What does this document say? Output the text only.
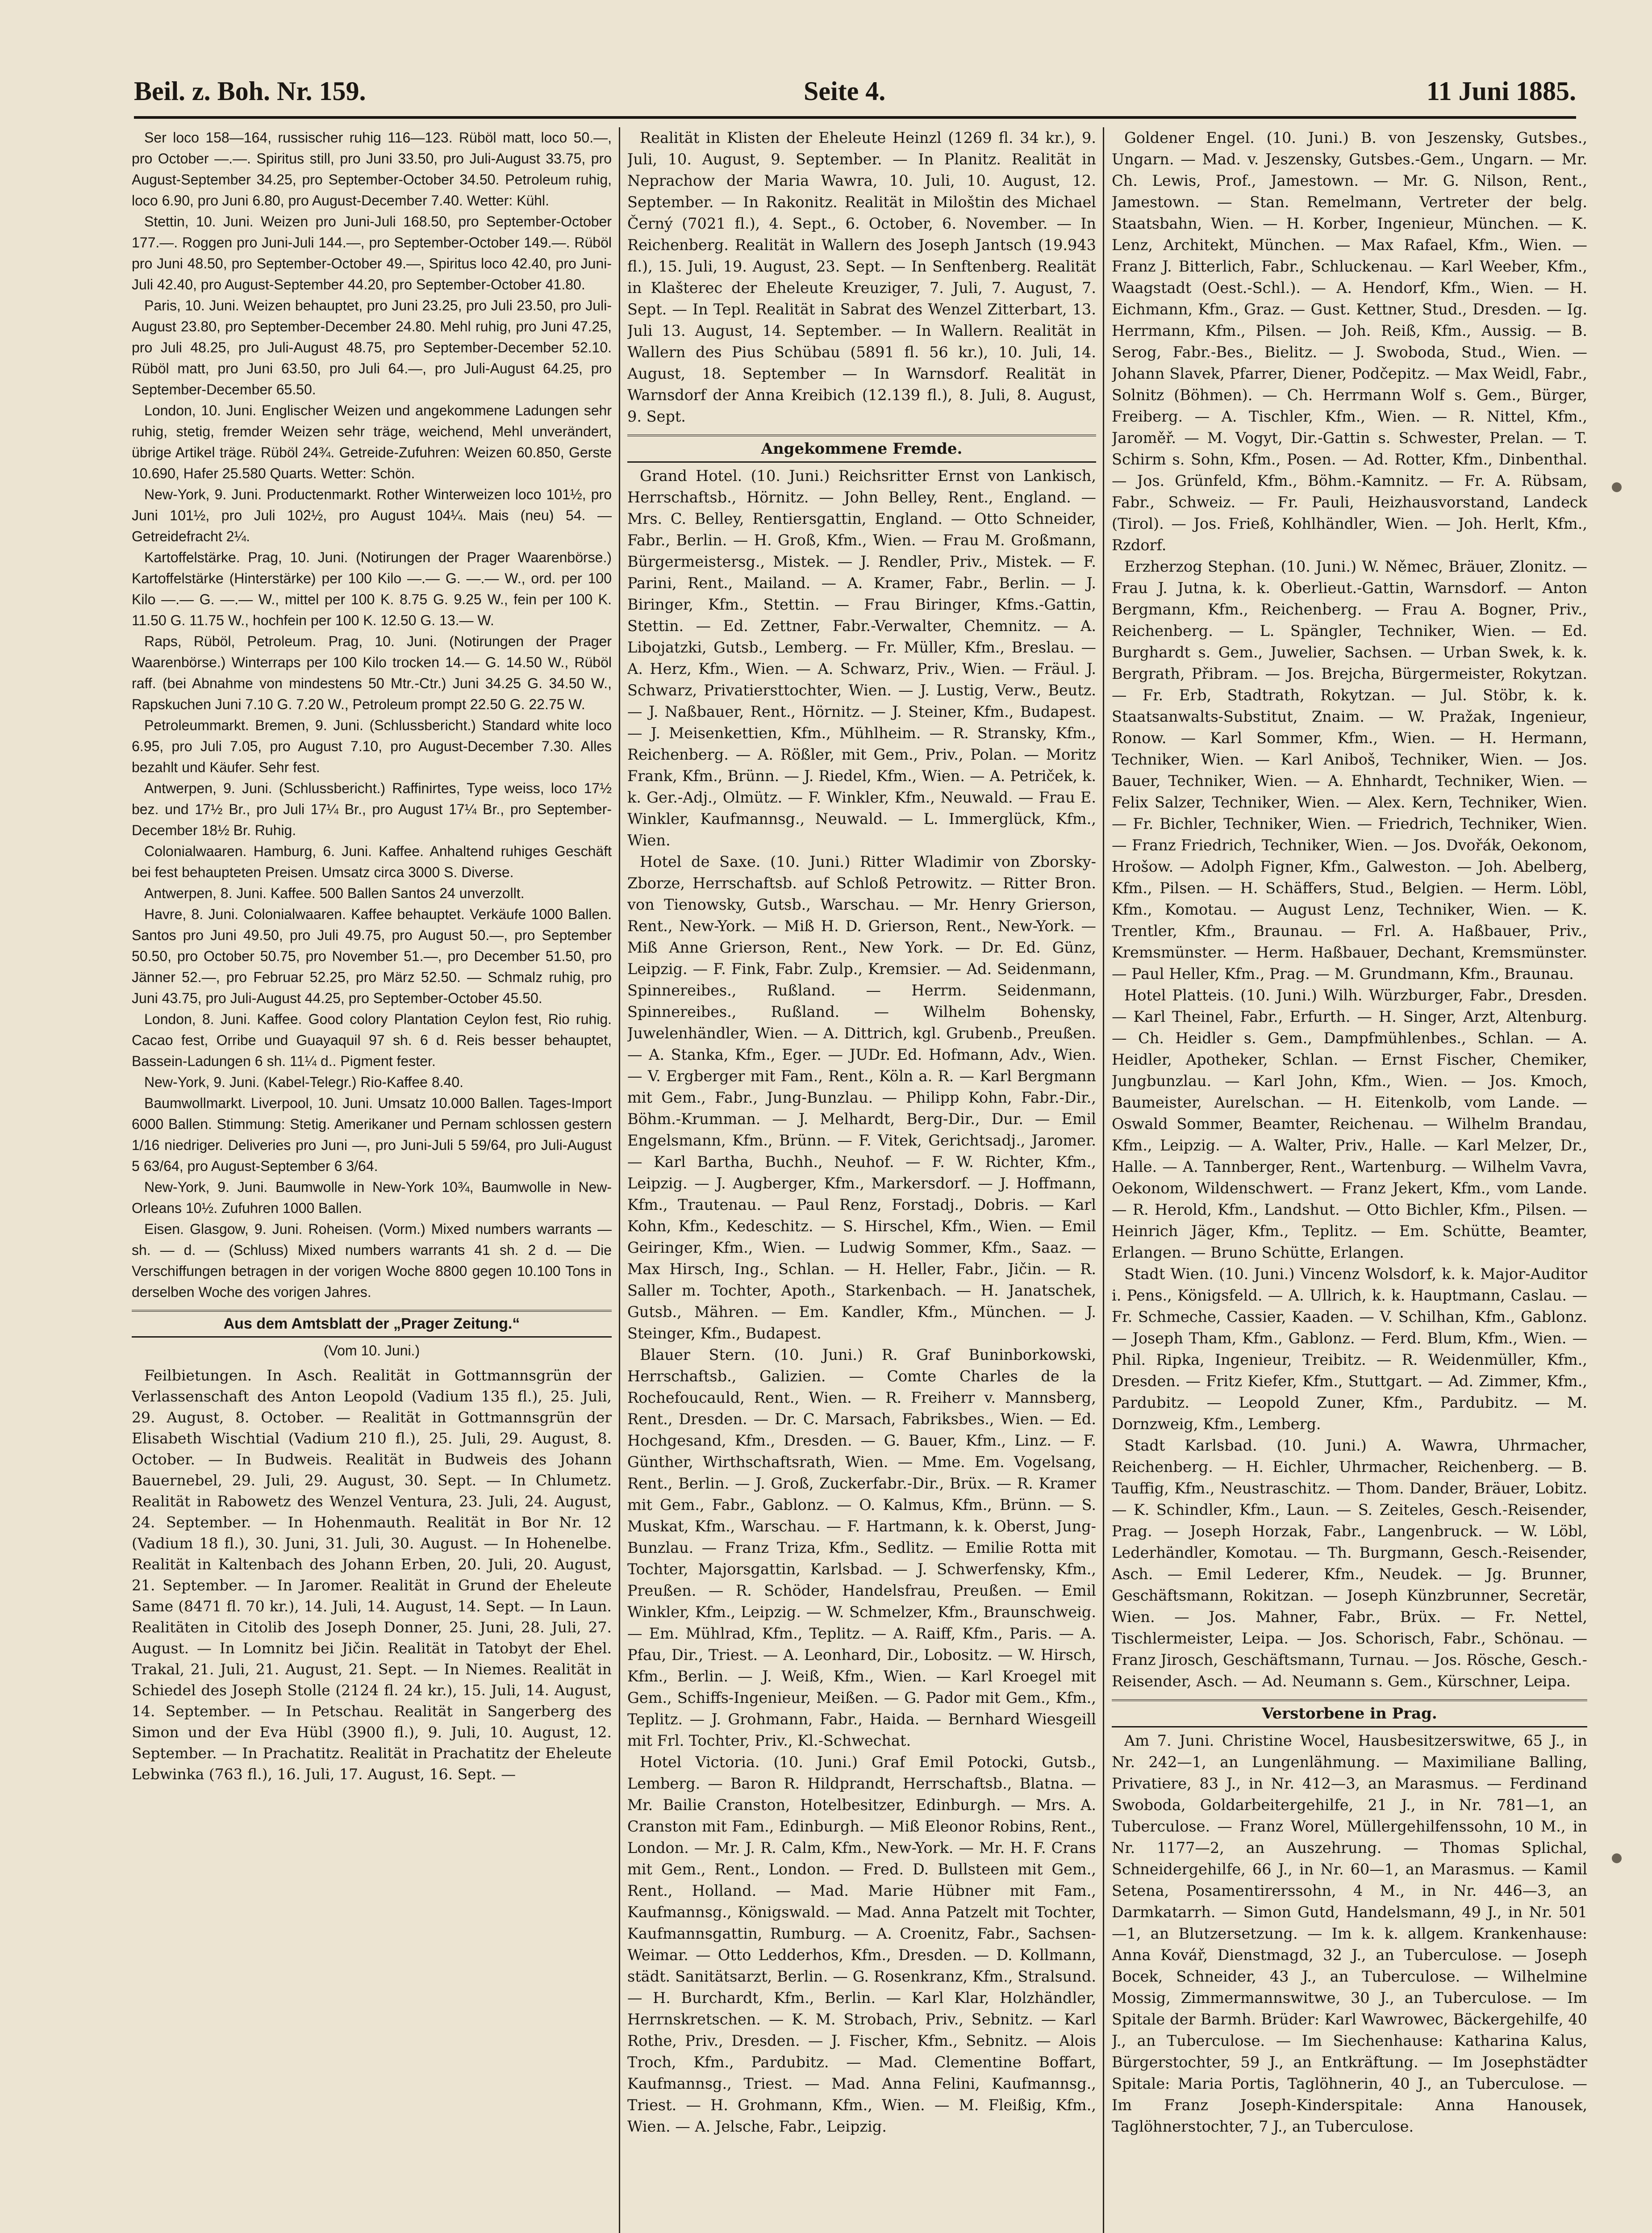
Beil. z. Boh. Nr. 159.	Seite 4.	11 Juni 1885.

Ser loco 158—164, russischer ruhig 116—123. Rüböl matt, loco 50.—, pro October —.—. Spiritus still, pro Juni 33.50, pro Juli-August 33.75, pro August-September 34.25, pro September-October 34.50. Petroleum ruhig, loco 6.90, pro Juni 6.80, pro August-December 7.40. Wetter: Kühl.

Stettin, 10. Juni. Weizen pro Juni-Juli 168.50, pro September-October 177.—. Roggen pro Juni-Juli 144.—, pro September-October 149.—. Rüböl pro Juni 48.50, pro September-October 49.—, Spiritus loco 42.40, pro Juni-Juli 42.40, pro August-September 44.20, pro September-October 41.80.

Paris, 10. Juni. Weizen behauptet, pro Juni 23.25, pro Juli 23.50, pro Juli-August 23.80, pro September-December 24.80. Mehl ruhig, pro Juni 47.25, pro Juli 48.25, pro Juli-August 48.75, pro September-December 52.10. Rüböl matt, pro Juni 63.50, pro Juli 64.—, pro Juli-August 64.25, pro September-December 65.50.

London, 10. Juni. Englischer Weizen und angekommene Ladungen sehr ruhig, stetig, fremder Weizen sehr träge, weichend, Mehl unverändert, übrige Artikel träge. Rüböl 24¾. Getreide-Zufuhren: Weizen 60.850, Gerste 10.690, Hafer 25.580 Quarts. Wetter: Schön.

New-York, 9. Juni. Productenmarkt. Rother Winterweizen loco 101½, pro Juni 101½, pro Juli 102½, pro August 104¼. Mais (neu) 54. — Getreidefracht 2¼.

Kartoffelstärke. Prag, 10. Juni. (Notirungen der Prager Waarenbörse.) Kartoffelstärke (Hinterstärke) per 100 Kilo —.— G. —.— W., ord. per 100 Kilo —.— G. —.— W., mittel per 100 K. 8.75 G. 9.25 W., fein per 100 K. 11.50 G. 11.75 W., hochfein per 100 K. 12.50 G. 13.— W.

Raps, Rüböl, Petroleum. Prag, 10. Juni. (Notirungen der Prager Waarenbörse.) Winterraps per 100 Kilo trocken 14.— G. 14.50 W., Rüböl raff. (bei Abnahme von mindestens 50 Mtr.-Ctr.) Juni 34.25 G. 34.50 W., Rapskuchen Juni 7.10 G. 7.20 W., Petroleum prompt 22.50 G. 22.75 W.

Petroleummarkt. Bremen, 9. Juni. (Schlussbericht.) Standard white loco 6.95, pro Juli 7.05, pro August 7.10, pro August-December 7.30. Alles bezahlt und Käufer. Sehr fest.

Antwerpen, 9. Juni. (Schlussbericht.) Raffinirtes, Type weiss, loco 17½ bez. und 17½ Br., pro Juli 17¼ Br., pro August 17¼ Br., pro September-December 18½ Br. Ruhig.

Colonialwaaren. Hamburg, 6. Juni. Kaffee. Anhaltend ruhiges Geschäft bei fest behaupteten Preisen. Umsatz circa 3000 S. Diverse.

Antwerpen, 8. Juni. Kaffee. 500 Ballen Santos 24 unverzollt.

Havre, 8. Juni. Colonialwaaren. Kaffee behauptet. Verkäufe 1000 Ballen. Santos pro Juni 49.50, pro Juli 49.75, pro August 50.—, pro September 50.50, pro October 50.75, pro November 51.—, pro December 51.50, pro Jänner 52.—, pro Februar 52.25, pro März 52.50. — Schmalz ruhig, pro Juni 43.75, pro Juli-August 44.25, pro September-October 45.50.

London, 8. Juni. Kaffee. Good colory Plantation Ceylon fest, Rio ruhig. Cacao fest, Orribe und Guayaquil 97 sh. 6 d. Reis besser behauptet, Bassein-Ladungen 6 sh. 11¼ d.. Pigment fester.

New-York, 9. Juni. (Kabel-Telegr.) Rio-Kaffee 8.40.

Baumwollmarkt. Liverpool, 10. Juni. Umsatz 10.000 Ballen. Tages-Import 6000 Ballen. Stimmung: Stetig. Amerikaner und Pernam schlossen gestern 1/16 niedriger. Deliveries pro Juni —, pro Juni-Juli 5 59/64, pro Juli-August 5 63/64, pro August-September 6 3/64.

New-York, 9. Juni. Baumwolle in New-York 10¾, Baumwolle in New-Orleans 10½. Zufuhren 1000 Ballen.

Eisen. Glasgow, 9. Juni. Roheisen. (Vorm.) Mixed numbers warrants — sh. — d. — (Schluss) Mixed numbers warrants 41 sh. 2 d. — Die Verschiffungen betragen in der vorigen Woche 8800 gegen 10.100 Tons in derselben Woche des vorigen Jahres.

Aus dem Amtsblatt der „Prager Zeitung.“
(Vom 10. Juni.)

Feilbietungen. In Asch. Realität in Gottmannsgrün der Verlassenschaft des Anton Leopold (Vadium 135 fl.), 25. Juli, 29. August, 8. October. — Realität in Gottmannsgrün der Elisabeth Wischtial (Vadium 210 fl.), 25. Juli, 29. August, 8. October. — In Budweis. Realität in Budweis des Johann Bauernebel, 29. Juli, 29. August, 30. Sept. — In Chlumetz. Realität in Rabowetz des Wenzel Ventura, 23. Juli, 24. August, 24. September. — In Hohenmauth. Realität in Bor Nr. 12 (Vadium 18 fl.), 30. Juni, 31. Juli, 30. August. — In Hohenelbe. Realität in Kaltenbach des Johann Erben, 20. Juli, 20. August, 21. September. — In Jaromer. Realität in Grund der Eheleute Same (8471 fl. 70 kr.), 14. Juli, 14. August, 14. Sept. — In Laun. Realitäten in Citolib des Joseph Donner, 25. Juni, 28. Juli, 27. August. — In Lomnitz bei Jičin. Realität in Tatobyt der Ehel. Trakal, 21. Juli, 21. August, 21. Sept. — In Niemes. Realität in Schiedel des Joseph Stolle (2124 fl. 24 kr.), 15. Juli, 14. August, 14. September. — In Petschau. Realität in Sangerberg des Simon und der Eva Hübl (3900 fl.), 9. Juli, 10. August, 12. September. — In Prachatitz. Realität in Prachatitz der Eheleute Lebwinka (763 fl.), 16. Juli, 17. August, 16. Sept. —

Realität in Klisten der Eheleute Heinzl (1269 fl. 34 kr.), 9. Juli, 10. August, 9. September. — In Planitz. Realität in Neprachow der Maria Wawra, 10. Juli, 10. August, 12. September. — In Rakonitz. Realität in Miloštin des Michael Černý (7021 fl.), 4. Sept., 6. October, 6. November. — In Reichenberg. Realität in Wallern des Joseph Jantsch (19.943 fl.), 15. Juli, 19. August, 23. Sept. — In Senftenberg. Realität in Klašterec der Eheleute Kreuziger, 7. Juli, 7. August, 7. Sept. — In Tepl. Realität in Sabrat des Wenzel Zitterbart, 13. Juli 13. August, 14. September. — In Wallern. Realität in Wallern des Pius Schübau (5891 fl. 56 kr.), 10. Juli, 14. August, 18. September — In Warnsdorf. Realität in Warnsdorf der Anna Kreibich (12.139 fl.), 8. Juli, 8. August, 9. Sept.

Angekommene Fremde.

Grand Hotel. (10. Juni.) Reichsritter Ernst von Lankisch, Herrschaftsb., Hörnitz. — John Belley, Rent., England. — Mrs. C. Belley, Rentiersgattin, England. — Otto Schneider, Fabr., Berlin. — H. Groß, Kfm., Wien. — Frau M. Großmann, Bürgermeistersg., Mistek. — J. Rendler, Priv., Mistek. — F. Parini, Rent., Mailand. — A. Kramer, Fabr., Berlin. — J. Biringer, Kfm., Stettin. — Frau Biringer, Kfms.-Gattin, Stettin. — Ed. Zettner, Fabr.-Verwalter, Chemnitz. — A. Libojatzki, Gutsb., Lemberg. — Fr. Müller, Kfm., Breslau. — A. Herz, Kfm., Wien. — A. Schwarz, Priv., Wien. — Fräul. J. Schwarz, Privatiersttochter, Wien. — J. Lustig, Verw., Beutz. — J. Naßbauer, Rent., Hörnitz. — J. Steiner, Kfm., Budapest. — J. Meisenkettien, Kfm., Mühlheim. — R. Stransky, Kfm., Reichenberg. — A. Rößler, mit Gem., Priv., Polan. — Moritz Frank, Kfm., Brünn. — J. Riedel, Kfm., Wien. — A. Petriček, k. k. Ger.-Adj., Olmütz. — F. Winkler, Kfm., Neuwald. — Frau E. Winkler, Kaufmannsg., Neuwald. — L. Immerglück, Kfm., Wien.

Hotel de Saxe. (10. Juni.) Ritter Wladimir von Zborsky-Zborze, Herrschaftsb. auf Schloß Petrowitz. — Ritter Bron. von Tienowsky, Gutsb., Warschau. — Mr. Henry Grierson, Rent., New-York. — Miß H. D. Grierson, Rent., New-York. — Miß Anne Grierson, Rent., New York. — Dr. Ed. Günz, Leipzig. — F. Fink, Fabr. Zulp., Kremsier. — Ad. Seidenmann, Spinnereibes., Rußland. — Herrm. Seidenmann, Spinnereibes., Rußland. — Wilhelm Bohensky, Juwelenhändler, Wien. — A. Dittrich, kgl. Grubenb., Preußen. — A. Stanka, Kfm., Eger. — JUDr. Ed. Hofmann, Adv., Wien. — V. Ergberger mit Fam., Rent., Köln a. R. — Karl Bergmann mit Gem., Fabr., Jung-Bunzlau. — Philipp Kohn, Fabr.-Dir., Böhm.-Krumman. — J. Melhardt, Berg-Dir., Dur. — Emil Engelsmann, Kfm., Brünn. — F. Vitek, Gerichtsadj., Jaromer. — Karl Bartha, Buchh., Neuhof. — F. W. Richter, Kfm., Leipzig. — J. Augberger, Kfm., Markersdorf. — J. Hoffmann, Kfm., Trautenau. — Paul Renz, Forstadj., Dobris. — Karl Kohn, Kfm., Kedeschitz. — S. Hirschel, Kfm., Wien. — Emil Geiringer, Kfm., Wien. — Ludwig Sommer, Kfm., Saaz. — Max Hirsch, Ing., Schlan. — H. Heller, Fabr., Jičin. — R. Saller m. Tochter, Apoth., Starkenbach. — H. Janatschek, Gutsb., Mähren. — Em. Kandler, Kfm., München. — J. Steinger, Kfm., Budapest.

Blauer Stern. (10. Juni.) R. Graf Buninborkowski, Herrschaftsb., Galizien. — Comte Charles de la Rochefoucauld, Rent., Wien. — R. Freiherr v. Mannsberg, Rent., Dresden. — Dr. C. Marsach, Fabriksbes., Wien. — Ed. Hochgesand, Kfm., Dresden. — G. Bauer, Kfm., Linz. — F. Günther, Wirthschaftsrath, Wien. — Mme. Em. Vogelsang, Rent., Berlin. — J. Groß, Zuckerfabr.-Dir., Brüx. — R. Kramer mit Gem., Fabr., Gablonz. — O. Kalmus, Kfm., Brünn. — S. Muskat, Kfm., Warschau. — F. Hartmann, k. k. Oberst, Jung-Bunzlau. — Franz Triza, Kfm., Sedlitz. — Emilie Rotta mit Tochter, Majorsgattin, Karlsbad. — J. Schwerfensky, Kfm., Preußen. — R. Schöder, Handelsfrau, Preußen. — Emil Winkler, Kfm., Leipzig. — W. Schmelzer, Kfm., Braunschweig. — Em. Mühlrad, Kfm., Teplitz. — A. Raiff, Kfm., Paris. — A. Pfau, Dir., Triest. — A. Leonhard, Dir., Lobositz. — W. Hirsch, Kfm., Berlin. — J. Weiß, Kfm., Wien. — Karl Kroegel mit Gem., Schiffs-Ingenieur, Meißen. — G. Pador mit Gem., Kfm., Teplitz. — J. Grohmann, Fabr., Haida. — Bernhard Wiesgeill mit Frl. Tochter, Priv., Kl.-Schwechat.

Hotel Victoria. (10. Juni.) Graf Emil Potocki, Gutsb., Lemberg. — Baron R. Hildprandt, Herrschaftsb., Blatna. — Mr. Bailie Cranston, Hotelbesitzer, Edinburgh. — Mrs. A. Cranston mit Fam., Edinburgh. — Miß Eleonor Robins, Rent., London. — Mr. J. R. Calm, Kfm., New-York. — Mr. H. F. Crans mit Gem., Rent., London. — Fred. D. Bullsteen mit Gem., Rent., Holland. — Mad. Marie Hübner mit Fam., Kaufmannsg., Königswald. — Mad. Anna Patzelt mit Tochter, Kaufmannsgattin, Rumburg. — A. Croenitz, Fabr., Sachsen-Weimar. — Otto Ledderhos, Kfm., Dresden. — D. Kollmann, städt. Sanitätsarzt, Berlin. — G. Rosenkranz, Kfm., Stralsund. — H. Burchardt, Kfm., Berlin. — Karl Klar, Holzhändler, Herrnskretschen. — K. M. Strobach, Priv., Sebnitz. — Karl Rothe, Priv., Dresden. — J. Fischer, Kfm., Sebnitz. — Alois Troch, Kfm., Pardubitz. — Mad. Clementine Boffart, Kaufmannsg., Triest. — Mad. Anna Felini, Kaufmannsg., Triest. — H. Grohmann, Kfm., Wien. — M. Fleißig, Kfm., Wien. — A. Jelsche, Fabr., Leipzig.

Goldener Engel. (10. Juni.) B. von Jeszensky, Gutsbes., Ungarn. — Mad. v. Jeszensky, Gutsbes.-Gem., Ungarn. — Mr. Ch. Lewis, Prof., Jamestown. — Mr. G. Nilson, Rent., Jamestown. — Stan. Remelmann, Vertreter der belg. Staatsbahn, Wien. — H. Korber, Ingenieur, München. — K. Lenz, Architekt, München. — Max Rafael, Kfm., Wien. — Franz J. Bitterlich, Fabr., Schluckenau. — Karl Weeber, Kfm., Waagstadt (Oest.-Schl.). — A. Hendorf, Kfm., Wien. — H. Eichmann, Kfm., Graz. — Gust. Kettner, Stud., Dresden. — Ig. Herrmann, Kfm., Pilsen. — Joh. Reiß, Kfm., Aussig. — B. Serog, Fabr.-Bes., Bielitz. — J. Swoboda, Stud., Wien. — Johann Slavek, Pfarrer, Diener, Podčepitz. — Max Weidl, Fabr., Solnitz (Böhmen). — Ch. Herrmann Wolf s. Gem., Bürger, Freiberg. — A. Tischler, Kfm., Wien. — R. Nittel, Kfm., Jaroměř. — M. Vogyt, Dir.-Gattin s. Schwester, Prelan. — T. Schirm s. Sohn, Kfm., Posen. — Ad. Rotter, Kfm., Dinbenthal. — Jos. Grünfeld, Kfm., Böhm.-Kamnitz. — Fr. A. Rübsam, Fabr., Schweiz. — Fr. Pauli, Heizhausvorstand, Landeck (Tirol). — Jos. Frieß, Kohlhändler, Wien. — Joh. Herlt, Kfm., Rzdorf.

Erzherzog Stephan. (10. Juni.) W. Němec, Bräuer, Zlonitz. — Frau J. Jutna, k. k. Oberlieut.-Gattin, Warnsdorf. — Anton Bergmann, Kfm., Reichenberg. — Frau A. Bogner, Priv., Reichenberg. — L. Spängler, Techniker, Wien. — Ed. Burghardt s. Gem., Juwelier, Sachsen. — Urban Swek, k. k. Bergrath, Přibram. — Jos. Brejcha, Bürgermeister, Rokytzan. — Fr. Erb, Stadtrath, Rokytzan. — Jul. Stöbr, k. k. Staatsanwalts-Substitut, Znaim. — W. Pražak, Ingenieur, Ronow. — Karl Sommer, Kfm., Wien. — H. Hermann, Techniker, Wien. — Karl Aniboš, Techniker, Wien. — Jos. Bauer, Techniker, Wien. — A. Ehnhardt, Techniker, Wien. — Felix Salzer, Techniker, Wien. — Alex. Kern, Techniker, Wien. — Fr. Bichler, Techniker, Wien. — Friedrich, Techniker, Wien. — Franz Friedrich, Techniker, Wien. — Jos. Dvořák, Oekonom, Hrošow. — Adolph Figner, Kfm., Galweston. — Joh. Abelberg, Kfm., Pilsen. — H. Schäffers, Stud., Belgien. — Herm. Löbl, Kfm., Komotau. — August Lenz, Techniker, Wien. — K. Trentler, Kfm., Braunau. — Frl. A. Haßbauer, Priv., Kremsmünster. — Herm. Haßbauer, Dechant, Kremsmünster. — Paul Heller, Kfm., Prag. — M. Grundmann, Kfm., Braunau.

Hotel Platteis. (10. Juni.) Wilh. Würzburger, Fabr., Dresden. — Karl Theinel, Fabr., Erfurth. — H. Singer, Arzt, Altenburg. — Ch. Heidler s. Gem., Dampfmühlenbes., Schlan. — A. Heidler, Apotheker, Schlan. — Ernst Fischer, Chemiker, Jungbunzlau. — Karl John, Kfm., Wien. — Jos. Kmoch, Baumeister, Aurelschan. — H. Eitenkolb, vom Lande. — Oswald Sommer, Beamter, Reichenau. — Wilhelm Brandau, Kfm., Leipzig. — A. Walter, Priv., Halle. — Karl Melzer, Dr., Halle. — A. Tannberger, Rent., Wartenburg. — Wilhelm Vavra, Oekonom, Wildenschwert. — Franz Jekert, Kfm., vom Lande. — R. Herold, Kfm., Landshut. — Otto Bichler, Kfm., Pilsen. — Heinrich Jäger, Kfm., Teplitz. — Em. Schütte, Beamter, Erlangen. — Bruno Schütte, Erlangen.

Stadt Wien. (10. Juni.) Vincenz Wolsdorf, k. k. Major-Auditor i. Pens., Königsfeld. — A. Ullrich, k. k. Hauptmann, Caslau. — Fr. Schmeche, Cassier, Kaaden. — V. Schilhan, Kfm., Gablonz. — Joseph Tham, Kfm., Gablonz. — Ferd. Blum, Kfm., Wien. — Phil. Ripka, Ingenieur, Treibitz. — R. Weidenmüller, Kfm., Dresden. — Fritz Kiefer, Kfm., Stuttgart. — Ad. Zimmer, Kfm., Pardubitz. — Leopold Zuner, Kfm., Pardubitz. — M. Dornzweig, Kfm., Lemberg.

Stadt Karlsbad. (10. Juni.) A. Wawra, Uhrmacher, Reichenberg. — H. Eichler, Uhrmacher, Reichenberg. — B. Tauffig, Kfm., Neustraschitz. — Thom. Dander, Bräuer, Lobitz. — K. Schindler, Kfm., Laun. — S. Zeiteles, Gesch.-Reisender, Prag. — Joseph Horzak, Fabr., Langenbruck. — W. Löbl, Lederhändler, Komotau. — Th. Burgmann, Gesch.-Reisender, Asch. — Emil Lederer, Kfm., Neudek. — Jg. Brunner, Geschäftsmann, Rokitzan. — Joseph Künzbrunner, Secretär, Wien. — Jos. Mahner, Fabr., Brüx. — Fr. Nettel, Tischlermeister, Leipa. — Jos. Schorisch, Fabr., Schönau. — Franz Jirosch, Geschäftsmann, Turnau. — Jos. Rösche, Gesch.-Reisender, Asch. — Ad. Neumann s. Gem., Kürschner, Leipa.

Verstorbene in Prag.

Am 7. Juni. Christine Wocel, Hausbesitzerswitwe, 65 J., in Nr. 242—1, an Lungenlähmung. — Maximiliane Balling, Privatiere, 83 J., in Nr. 412—3, an Marasmus. — Ferdinand Swoboda, Goldarbeitergehilfe, 21 J., in Nr. 781—1, an Tuberculose. — Franz Worel, Müllergehilfenssohn, 10 M., in Nr. 1177—2, an Auszehrung. — Thomas Splichal, Schneidergehilfe, 66 J., in Nr. 60—1, an Marasmus. — Kamil Setena, Posamentirerssohn, 4 M., in Nr. 446—3, an Darmkatarrh. — Simon Gutd, Handelsmann, 49 J., in Nr. 501—1, an Blutzersetzung. — Im k. k. allgem. Krankenhause: Anna Kovář, Dienstmagd, 32 J., an Tuberculose. — Joseph Bocek, Schneider, 43 J., an Tuberculose. — Wilhelmine Mossig, Zimmermannswitwe, 30 J., an Tuberculose. — Im Spitale der Barmh. Brüder: Karl Wawrowec, Bäckergehilfe, 40 J., an Tuberculose. — Im Siechenhause: Katharina Kalus, Bürgerstochter, 59 J., an Entkräftung. — Im Josephstädter Spitale: Maria Portis, Taglöhnerin, 40 J., an Tuberculose. — Im Franz Joseph-Kinderspitale: Anna Hanousek, Taglöhnerstochter, 7 J., an Tuberculose.
